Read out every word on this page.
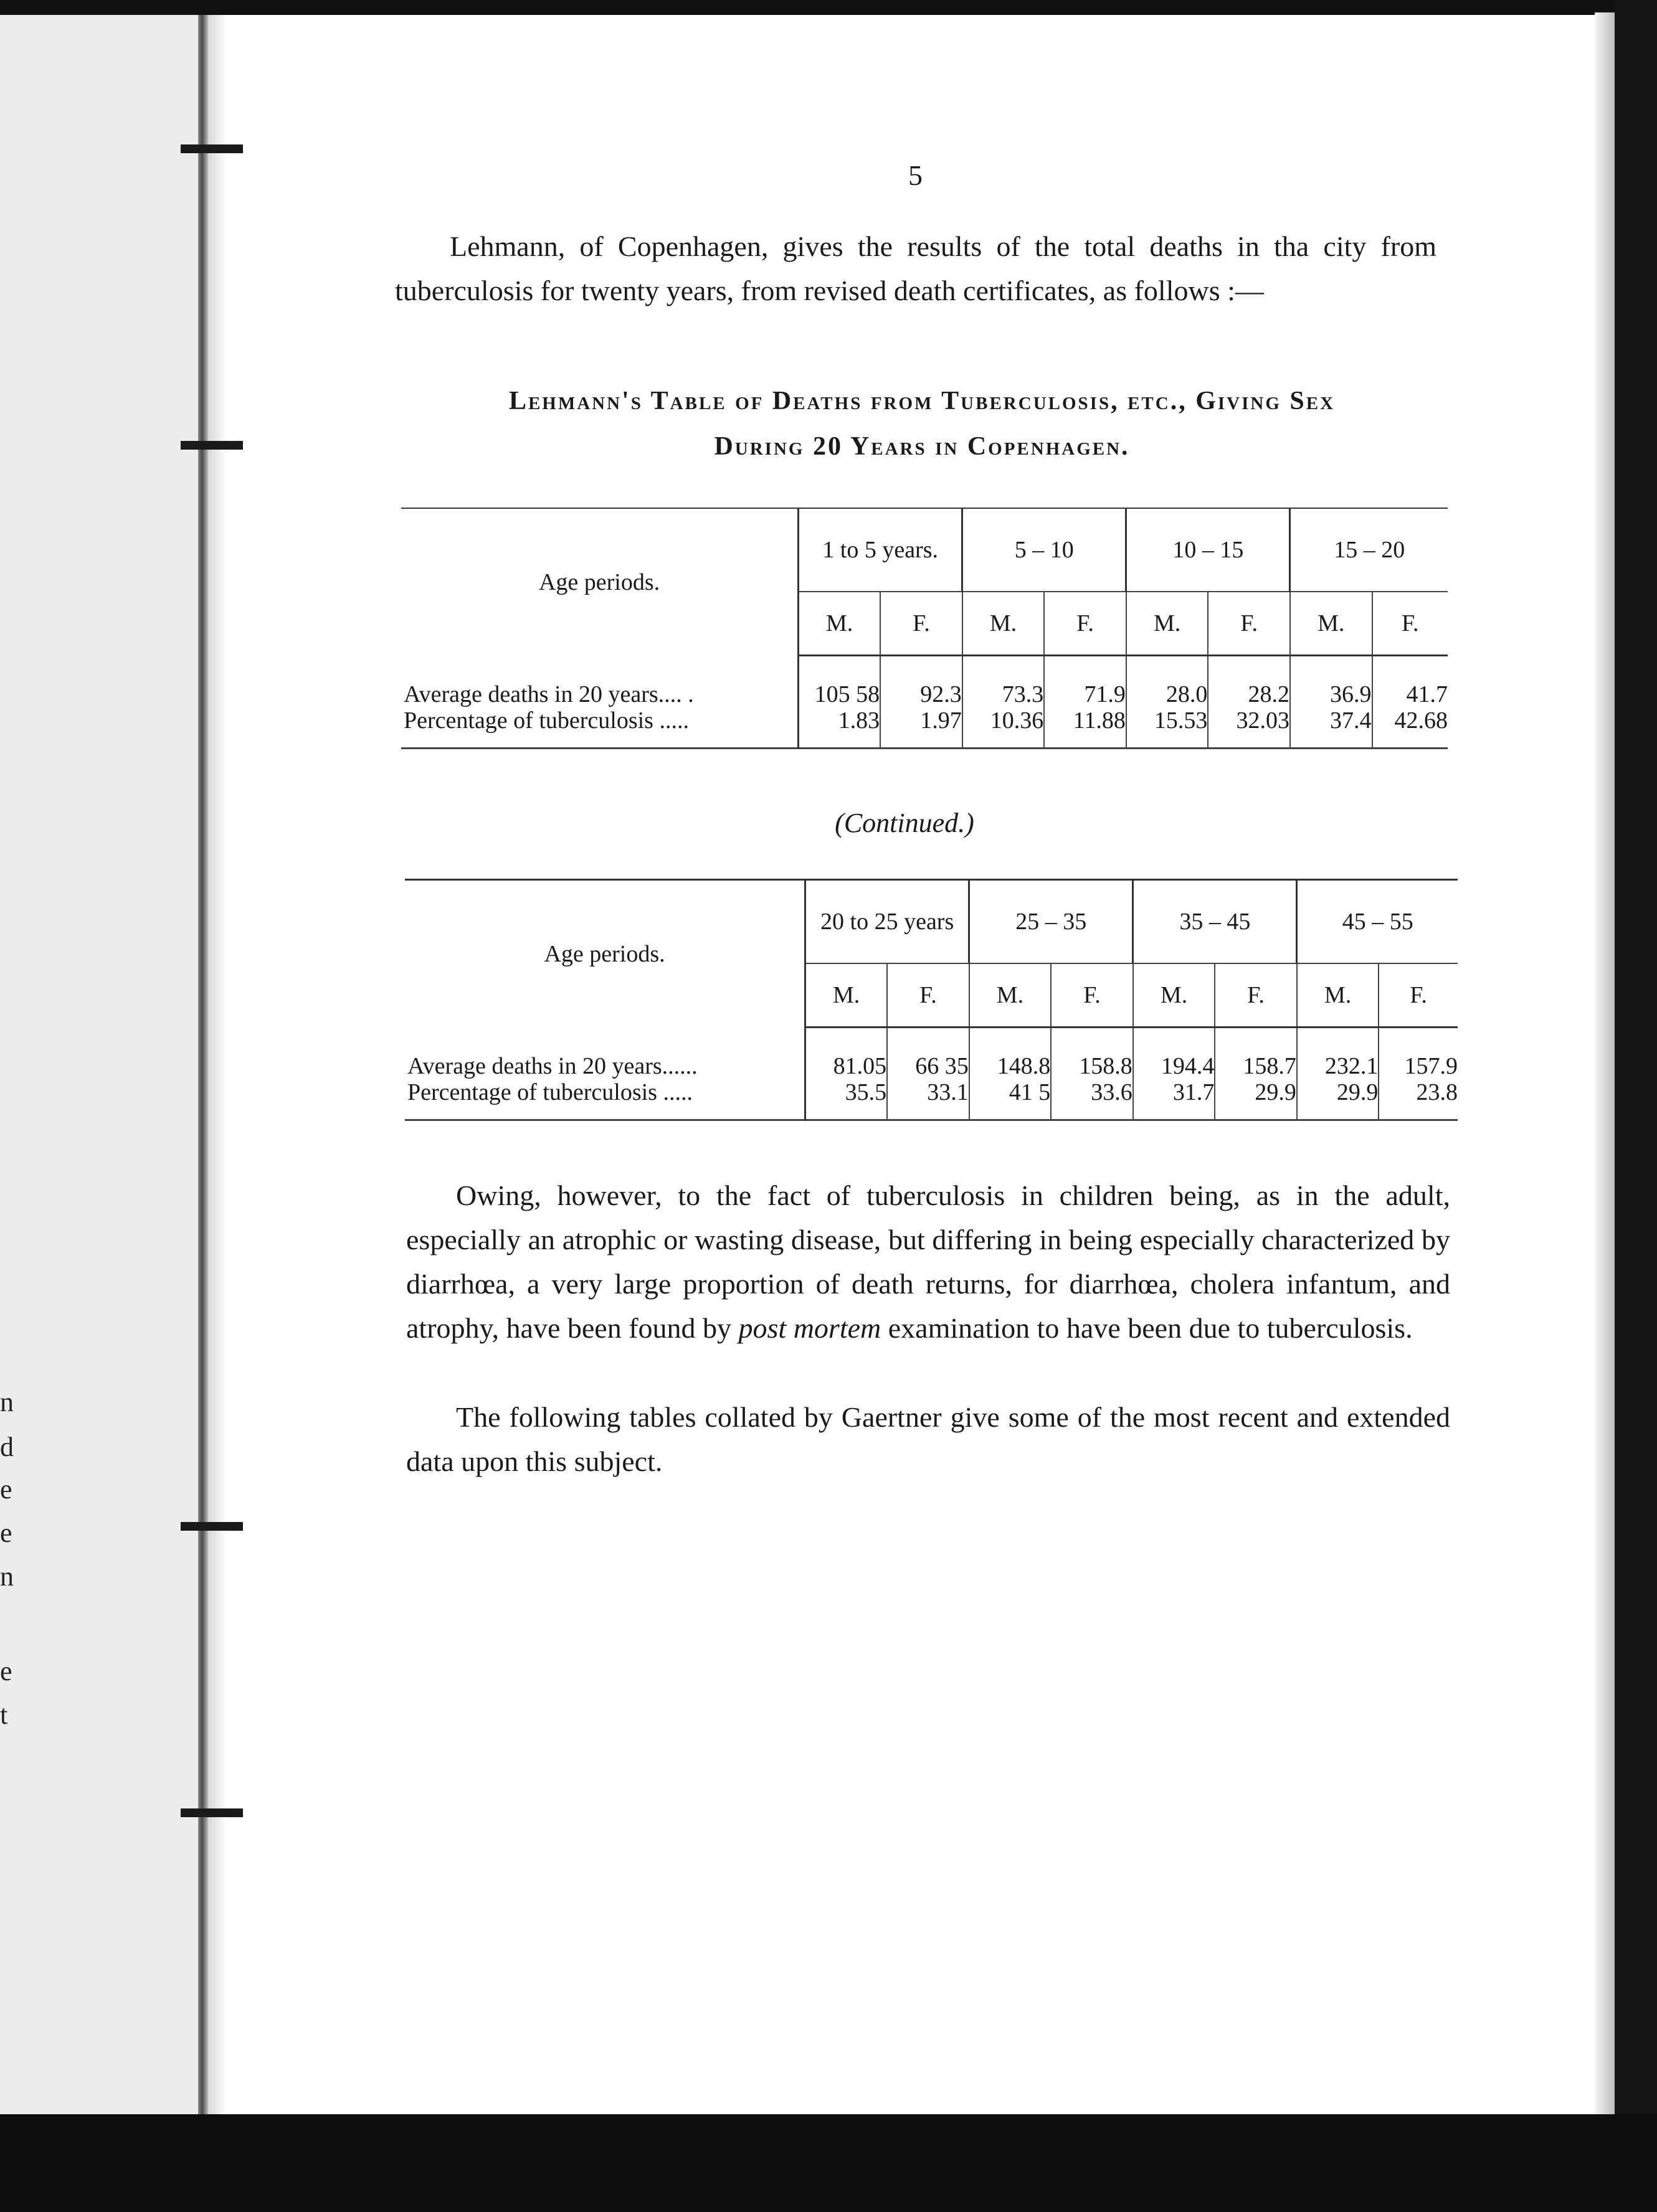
n
d
e
e
n
e
t
5

Lehmann, of Copenhagen, gives the results of the total deaths in tha city from tuberculosis for twenty years, from revised death certificates, as follows :—

Lehmann's Table of Deaths from Tuberculosis, etc., Giving Sex
During 20 Years in Copenhagen.
Age periods.	1 to 5 years.		5 – 10		10 – 15		15 – 20	
	M.	F.	M.	F.	M.	F.	M.	F.

Average deaths in 20 years.... .	105 58	92.3	73.3	71.9	28.0	28.2	36.9	41.7
Percentage of tuberculosis .....	1.83	1.97	10.36	11.88	15.53	32.03	37.4	42.68

(Continued.)
Age periods.	20 to 25 years		25 – 35		35 – 45		45 – 55	
	M.	F.	M.	F.	M.	F.	M.	F.

Average deaths in 20 years......	81.05	66 35	148.8	158.8	194.4	158.7	232.1	157.9
Percentage of tuberculosis .....	35.5	33.1	41 5	33.6	31.7	29.9	29.9	23.8

Owing, however, to the fact of tuberculosis in children being, as in the adult, especially an atrophic or wasting disease, but differing in being especially characterized by diarrhœa, a very large proportion of death returns, for diarrhœa, cholera infantum, and atrophy, have been found by post mortem examination to have been due to tuberculosis.

The following tables collated by Gaertner give some of the most recent and extended data upon this subject.
